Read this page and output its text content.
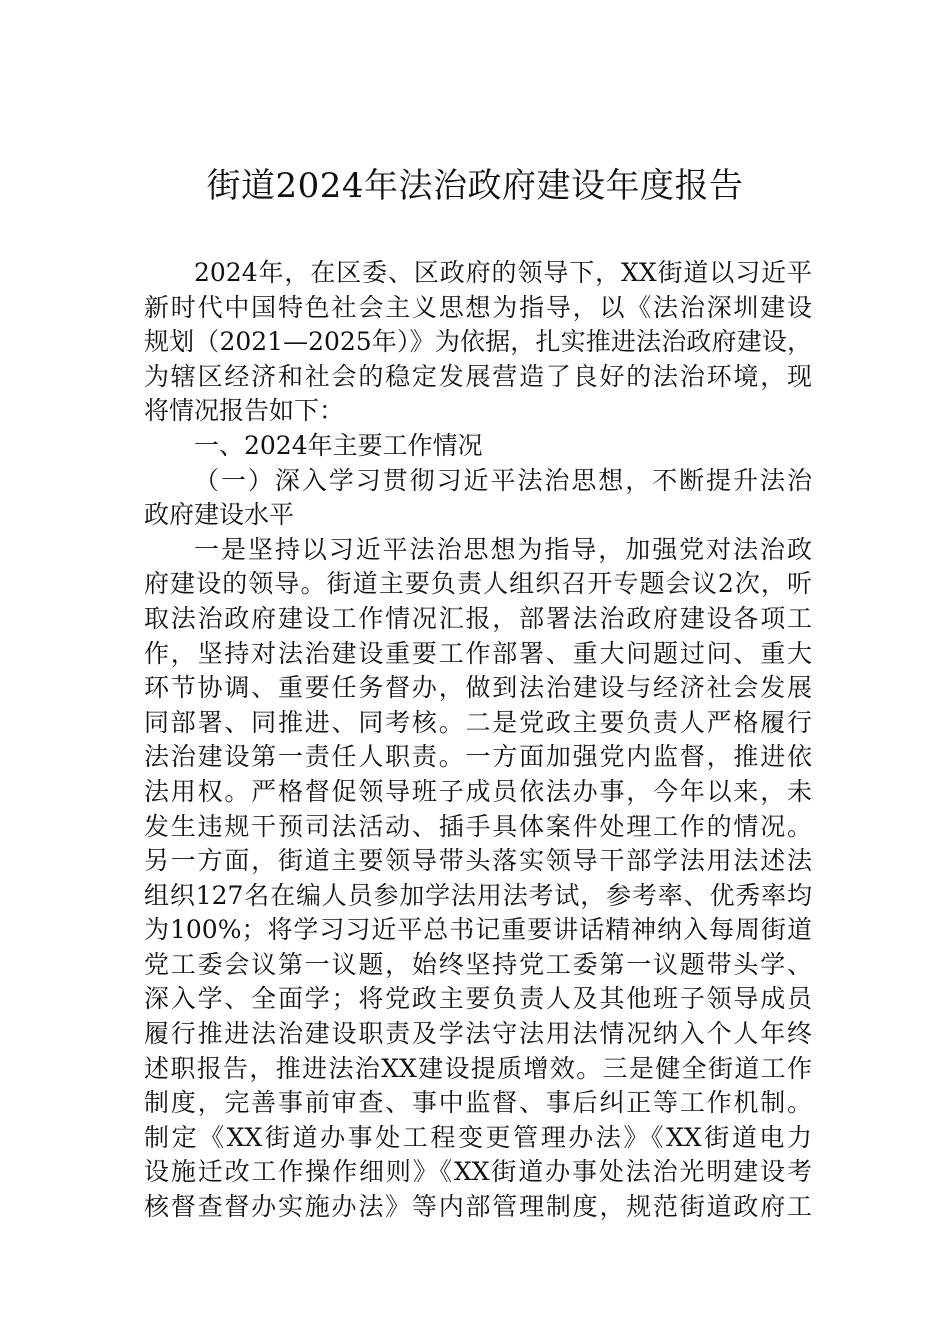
街道2024年法治政府建设年度报告
2024年，在区委、区政府的领导下，XX街道以习近平
新时代中国特色社会主义思想为指导，以《法治深圳建设
规划（2021—2025年）》为依据，扎实推进法治政府建设，
为辖区经济和社会的稳定发展营造了良好的法治环境，现
将情况报告如下：
一、2024年主要工作情况
（一）深入学习贯彻习近平法治思想，不断提升法治
政府建设水平
一是坚持以习近平法治思想为指导，加强党对法治政
府建设的领导。街道主要负责人组织召开专题会议2次，听
取法治政府建设工作情况汇报，部署法治政府建设各项工
作，坚持对法治建设重要工作部署、重大问题过问、重大
环节协调、重要任务督办，做到法治建设与经济社会发展
同部署、同推进、同考核。二是党政主要负责人严格履行
法治建设第一责任人职责。一方面加强党内监督，推进依
法用权。严格督促领导班子成员依法办事，今年以来，未
发生违规干预司法活动、插手具体案件处理工作的情况。
另一方面，街道主要领导带头落实领导干部学法用法述法
组织127名在编人员参加学法用法考试，参考率、优秀率均
为100%；将学习习近平总书记重要讲话精神纳入每周街道
党工委会议第一议题，始终坚持党工委第一议题带头学、
深入学、全面学；将党政主要负责人及其他班子领导成员
履行推进法治建设职责及学法守法用法情况纳入个人年终
述职报告，推进法治XX建设提质增效。三是健全街道工作
制度，完善事前审查、事中监督、事后纠正等工作机制。
制定《XX街道办事处工程变更管理办法》《XX街道电力
设施迁改工作操作细则》《XX街道办事处法治光明建设考
核督查督办实施办法》等内部管理制度，规范街道政府工
